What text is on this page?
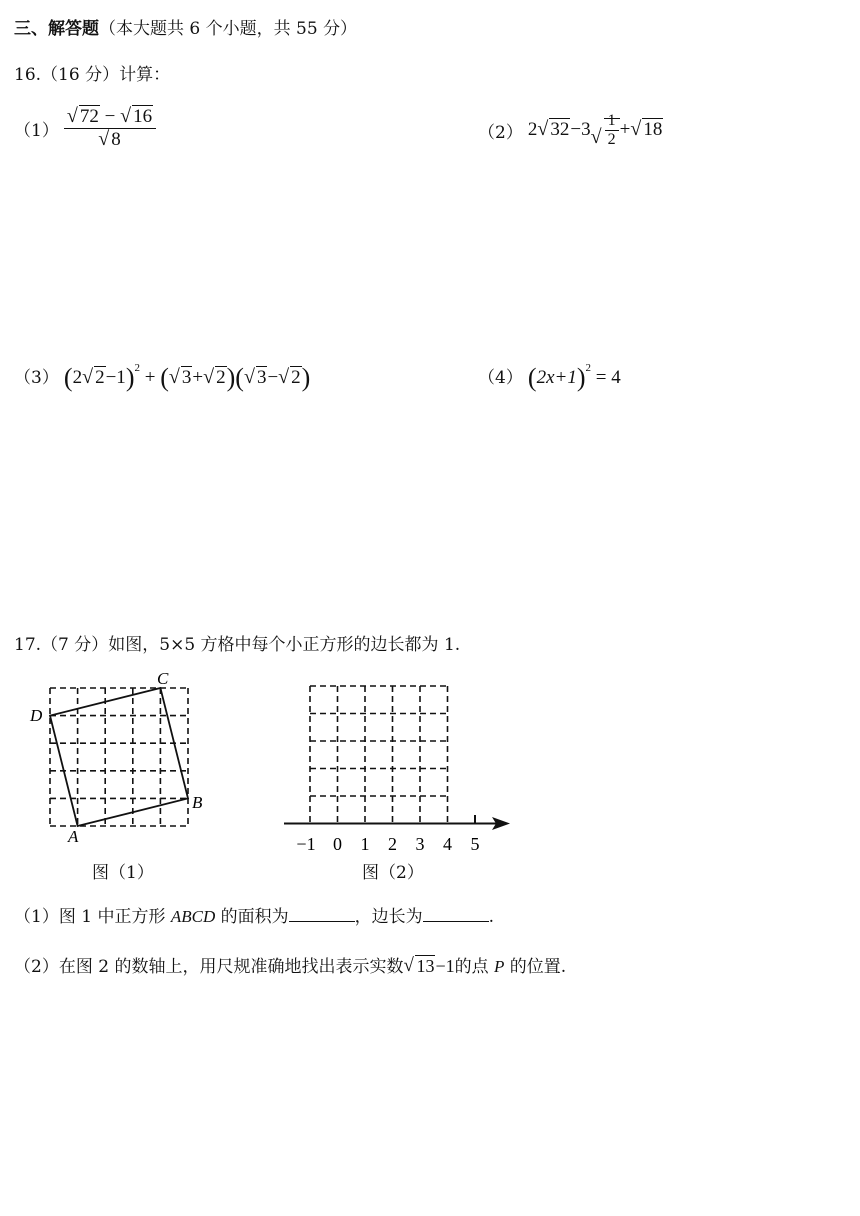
三、解答题（本大题共 6 个小题，共 55 分）
16.（16 分）计算：
（1） √ 72 − √ 16
√ 8	（2） 2 √ 32−3 √ $\frac{1}{2}$ + √ 18
（3） (2 √ 2−1)$^2$ + ( √ 3+ √ 2)( √ 3− √ 2)	（4） $(2x+1)^2 = 4$
17.（7 分）如图，5×5 方格中每个小正方形的边长都为 1.
A
B
C
D
图（1）
−1 0 1 2 3 4 5
图（2）
（1）图 1 中正方形 ABCD 的面积为	，边长为	.
（2）在图 2 的数轴上，用尺规准确地找出表示实数 √ 13−1的点 P 的位置.
